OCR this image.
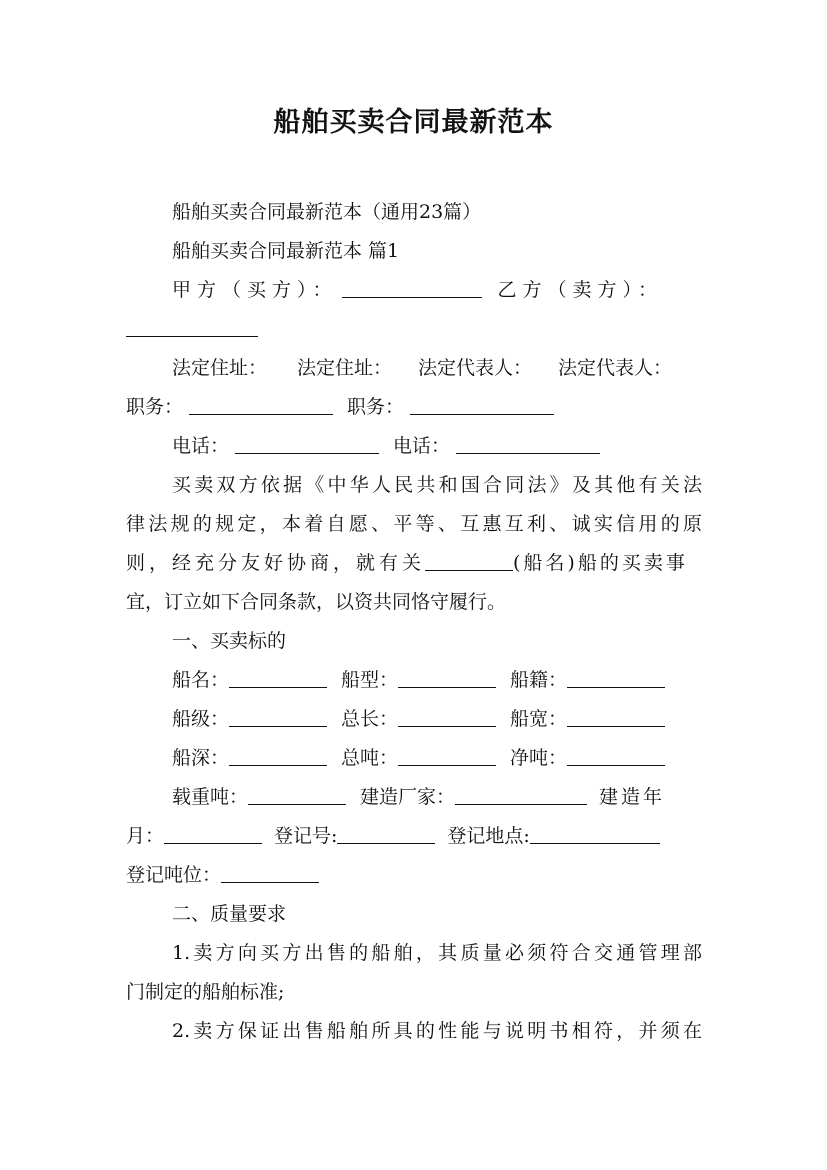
船舶买卖合同最新范本
船舶买卖合同最新范本（通用23篇）
船舶买卖合同最新范本 篇1
甲方（买方）：	乙方（卖方）：
法定住址： 法定住址： 法定代表人： 法定代表人：
职务：	职务：
电话：	电话：
买卖双方依据《中华人民共和国合同法》及其他有关法
律法规的规定，本着自愿、平等、互惠互利、诚实信用的原
则，经充分友好协商，就有关	(船名)船的买卖事
宜，订立如下合同条款，以资共同恪守履行。
一、买卖标的
船名：	船型：	船籍：
船级：	总长：	船宽：
船深：	总吨：	净吨：
载重吨：	建造厂家：	建造年
月：	登记号:	登记地点:
登记吨位：
二、质量要求
1.卖方向买方出售的船舶，其质量必须符合交通管理部
门制定的船舶标准;
2.卖方保证出售船舶所具的性能与说明书相符，并须在
